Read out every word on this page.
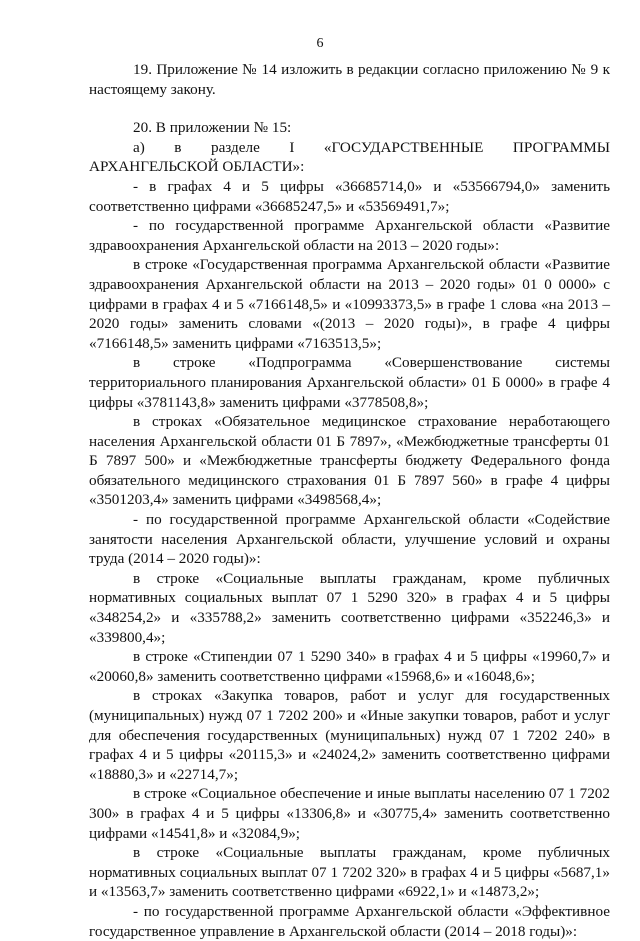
6

19. Приложение № 14 изложить в редакции согласно приложению № 9 к настоящему закону.

20. В приложении № 15:

а) в разделе I «ГОСУДАРСТВЕННЫЕ ПРОГРАММЫ АРХАНГЕЛЬСКОЙ ОБЛАСТИ»:

- в графах 4 и 5 цифры «36685714,0» и «53566794,0» заменить соответственно цифрами «36685247,5» и «53569491,7»;

- по государственной программе Архангельской области «Развитие здравоохранения Архангельской области на 2013 – 2020 годы»:

в строке «Государственная программа Архангельской области «Развитие здравоохранения Архангельской области на 2013 – 2020 годы» 01 0 0000» с цифрами в графах 4 и 5 «7166148,5» и «10993373,5» в графе 1 слова «на 2013 – 2020 годы» заменить словами «(2013 – 2020 годы)», в графе 4 цифры «7166148,5» заменить цифрами «7163513,5»;

в строке «Подпрограмма «Совершенствование системы территориального планирования Архангельской области» 01 Б 0000» в графе 4 цифры «3781143,8» заменить цифрами «3778508,8»;

в строках «Обязательное медицинское страхование неработающего населения Архангельской области 01 Б 7897», «Межбюджетные трансферты 01 Б 7897 500» и «Межбюджетные трансферты бюджету Федерального фонда обязательного медицинского страхования 01 Б 7897 560» в графе 4 цифры «3501203,4» заменить цифрами «3498568,4»;

- по государственной программе Архангельской области «Содействие занятости населения Архангельской области, улучшение условий и охраны труда (2014 – 2020 годы)»:

в строке «Социальные выплаты гражданам, кроме публичных нормативных социальных выплат 07 1 5290 320» в графах 4 и 5 цифры «348254,2» и «335788,2» заменить соответственно цифрами «352246,3» и «339800,4»;

в строке «Стипендии 07 1 5290 340» в графах 4 и 5 цифры «19960,7» и «20060,8» заменить соответственно цифрами «15968,6» и «16048,6»;

в строках «Закупка товаров, работ и услуг для государственных (муниципальных) нужд 07 1 7202 200» и «Иные закупки товаров, работ и услуг для обеспечения государственных (муниципальных) нужд 07 1 7202 240» в графах 4 и 5 цифры «20115,3» и «24024,2» заменить соответственно цифрами «18880,3» и «22714,7»;

в строке «Социальное обеспечение и иные выплаты населению 07 1 7202 300» в графах 4 и 5 цифры «13306,8» и «30775,4» заменить соответственно цифрами «14541,8» и «32084,9»;

в строке «Социальные выплаты гражданам, кроме публичных нормативных социальных выплат 07 1 7202 320» в графах 4 и 5 цифры «5687,1» и «13563,7» заменить соответственно цифрами «6922,1» и «14873,2»;

- по государственной программе Архангельской области «Эффективное государственное управление в Архангельской области (2014 – 2018 годы)»:
